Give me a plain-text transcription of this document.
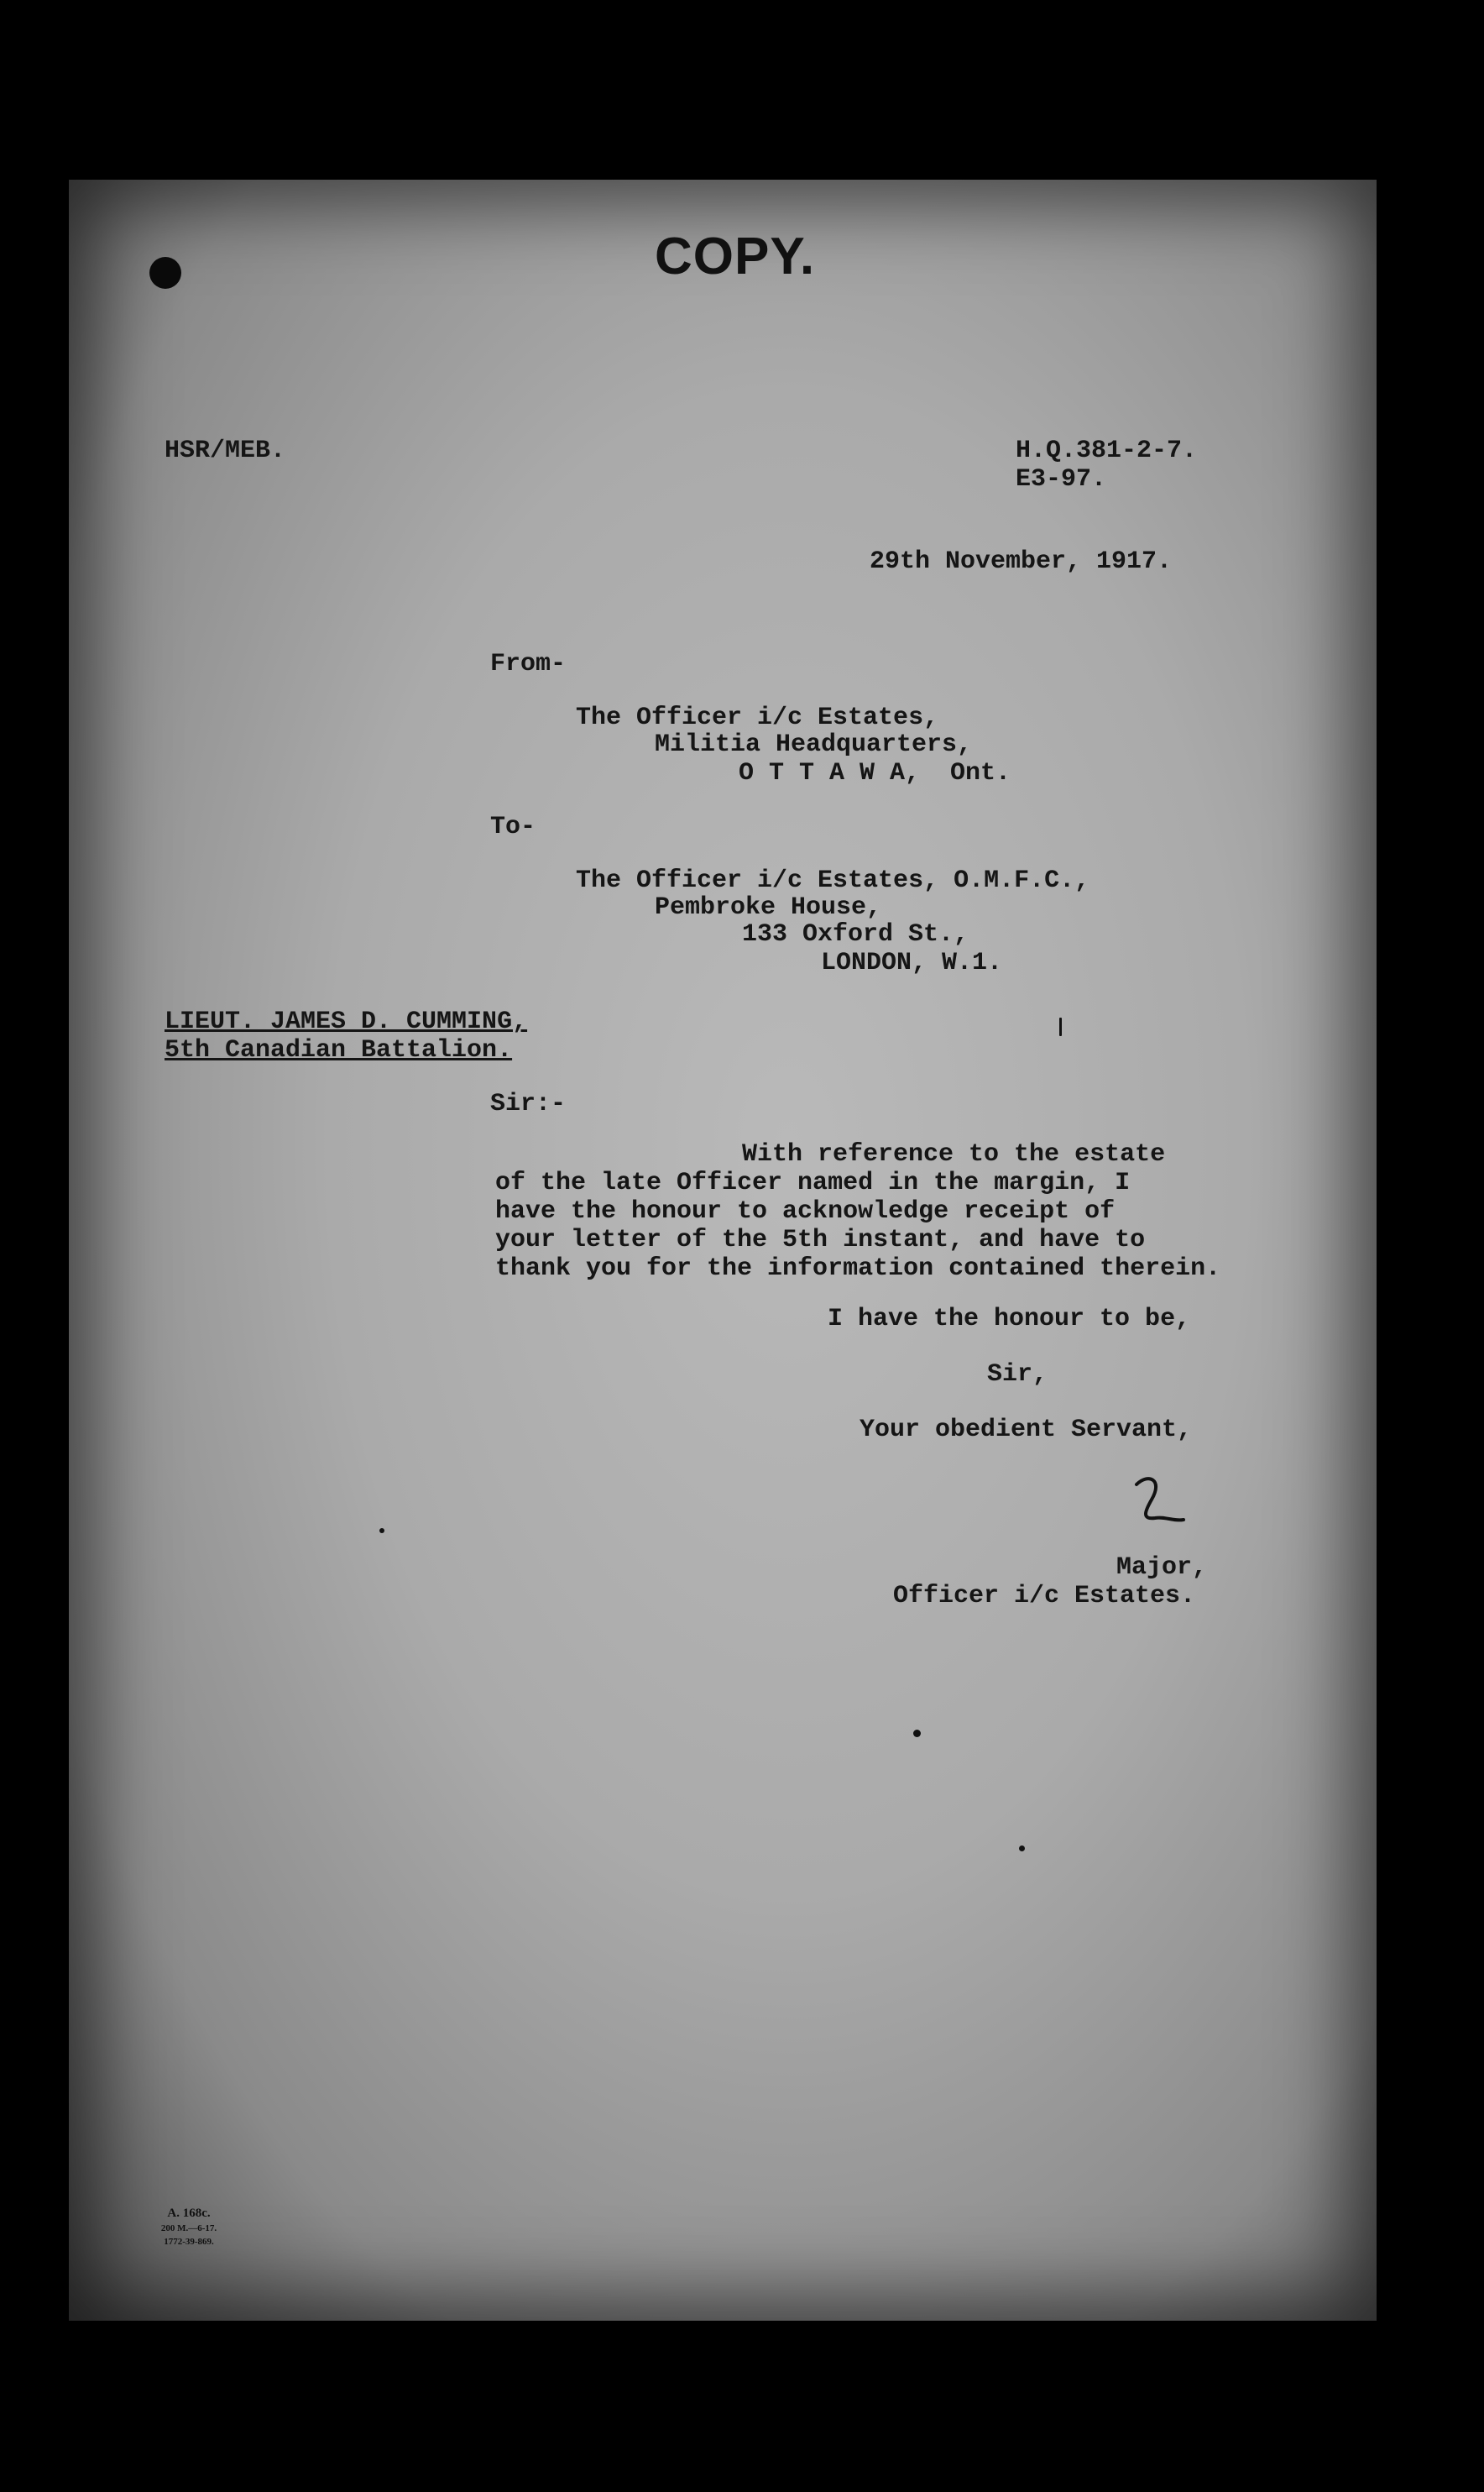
COPY.
HSR/MEB.	H.Q.381-2-7.
E3-97.
29th November, 1917.
From-
The Officer i/c Estates,
Militia Headquarters,
O T T A W A,  Ont.
To-
The Officer i/c Estates, O.M.F.C.,
Pembroke House,
133 Oxford St.,
LONDON, W.1.
LIEUT. JAMES D. CUMMING,
5th Canadian Battalion.
Sir:-
With reference to the estate
of the late Officer named in the margin, I
have the honour to acknowledge receipt of
your letter of the 5th instant, and have to
thank you for the information contained therein.
I have the honour to be,
Sir,
Your obedient Servant,
Major,
Officer i/c Estates.
A. 168c.
200 M.—6-17.
1772-39-869.
